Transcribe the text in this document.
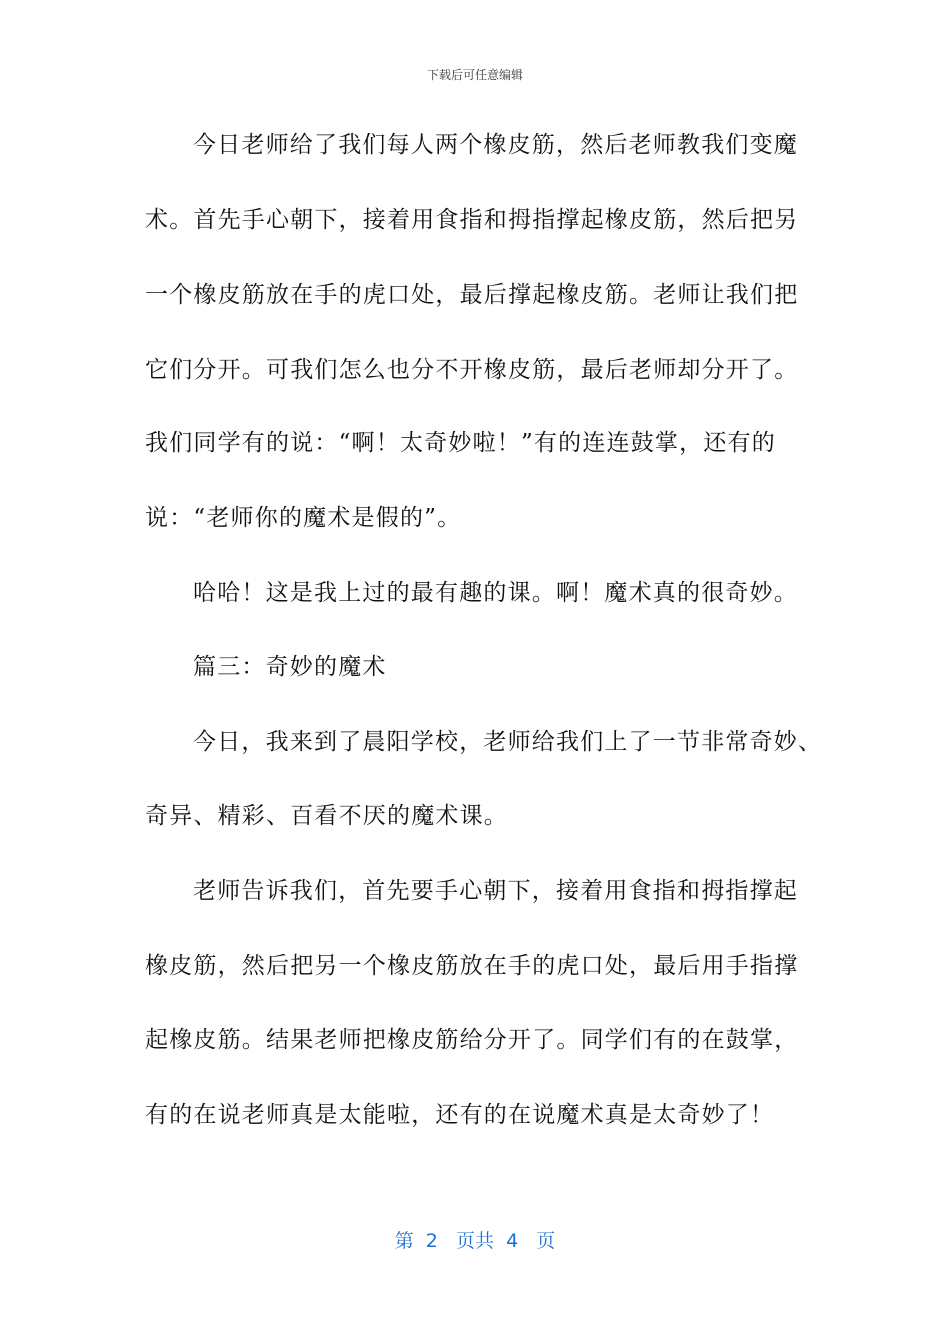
下载后可任意编辑
今日老师给了我们每人两个橡皮筋，然后老师教我们变魔
术。首先手心朝下，接着用食指和拇指撑起橡皮筋，然后把另
一个橡皮筋放在手的虎口处，最后撑起橡皮筋。老师让我们把
它们分开。可我们怎么也分不开橡皮筋，最后老师却分开了。
我们同学有的说：“啊！太奇妙啦！”有的连连鼓掌，还有的
说：“老师你的魔术是假的”。
哈哈！这是我上过的最有趣的课。啊！魔术真的很奇妙。
篇三：奇妙的魔术
今日，我来到了晨阳学校，老师给我们上了一节非常奇妙、
奇异、精彩、百看不厌的魔术课。
老师告诉我们，首先要手心朝下，接着用食指和拇指撑起
橡皮筋，然后把另一个橡皮筋放在手的虎口处，最后用手指撑
起橡皮筋。结果老师把橡皮筋给分开了。同学们有的在鼓掌，
有的在说老师真是太能啦，还有的在说魔术真是太奇妙了！
第  2   页共  4   页
